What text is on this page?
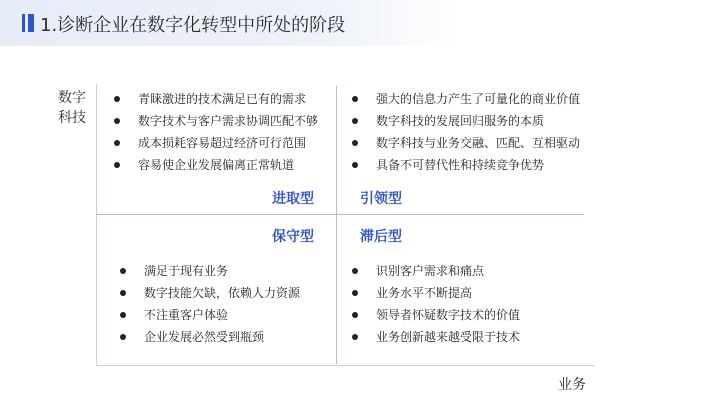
1.诊断企业在数字化转型中所处的阶段
数字
科技
业务
青睐激进的技术满足已有的需求
数字技术与客户需求协调匹配不够
成本损耗容易超过经济可行范围
容易使企业发展偏离正常轨道
强大的信息力产生了可量化的商业价值
数字科技的发展回归服务的本质
数字科技与业务交融、匹配、互相驱动
具备不可替代性和持续竞争优势
满足于现有业务
数字技能欠缺，依赖人力资源
不注重客户体验
企业发展必然受到瓶颈
识别客户需求和痛点
业务水平不断提高
领导者怀疑数字技术的价值
业务创新越来越受限于技术
进取型	引领型
保守型	滞后型
